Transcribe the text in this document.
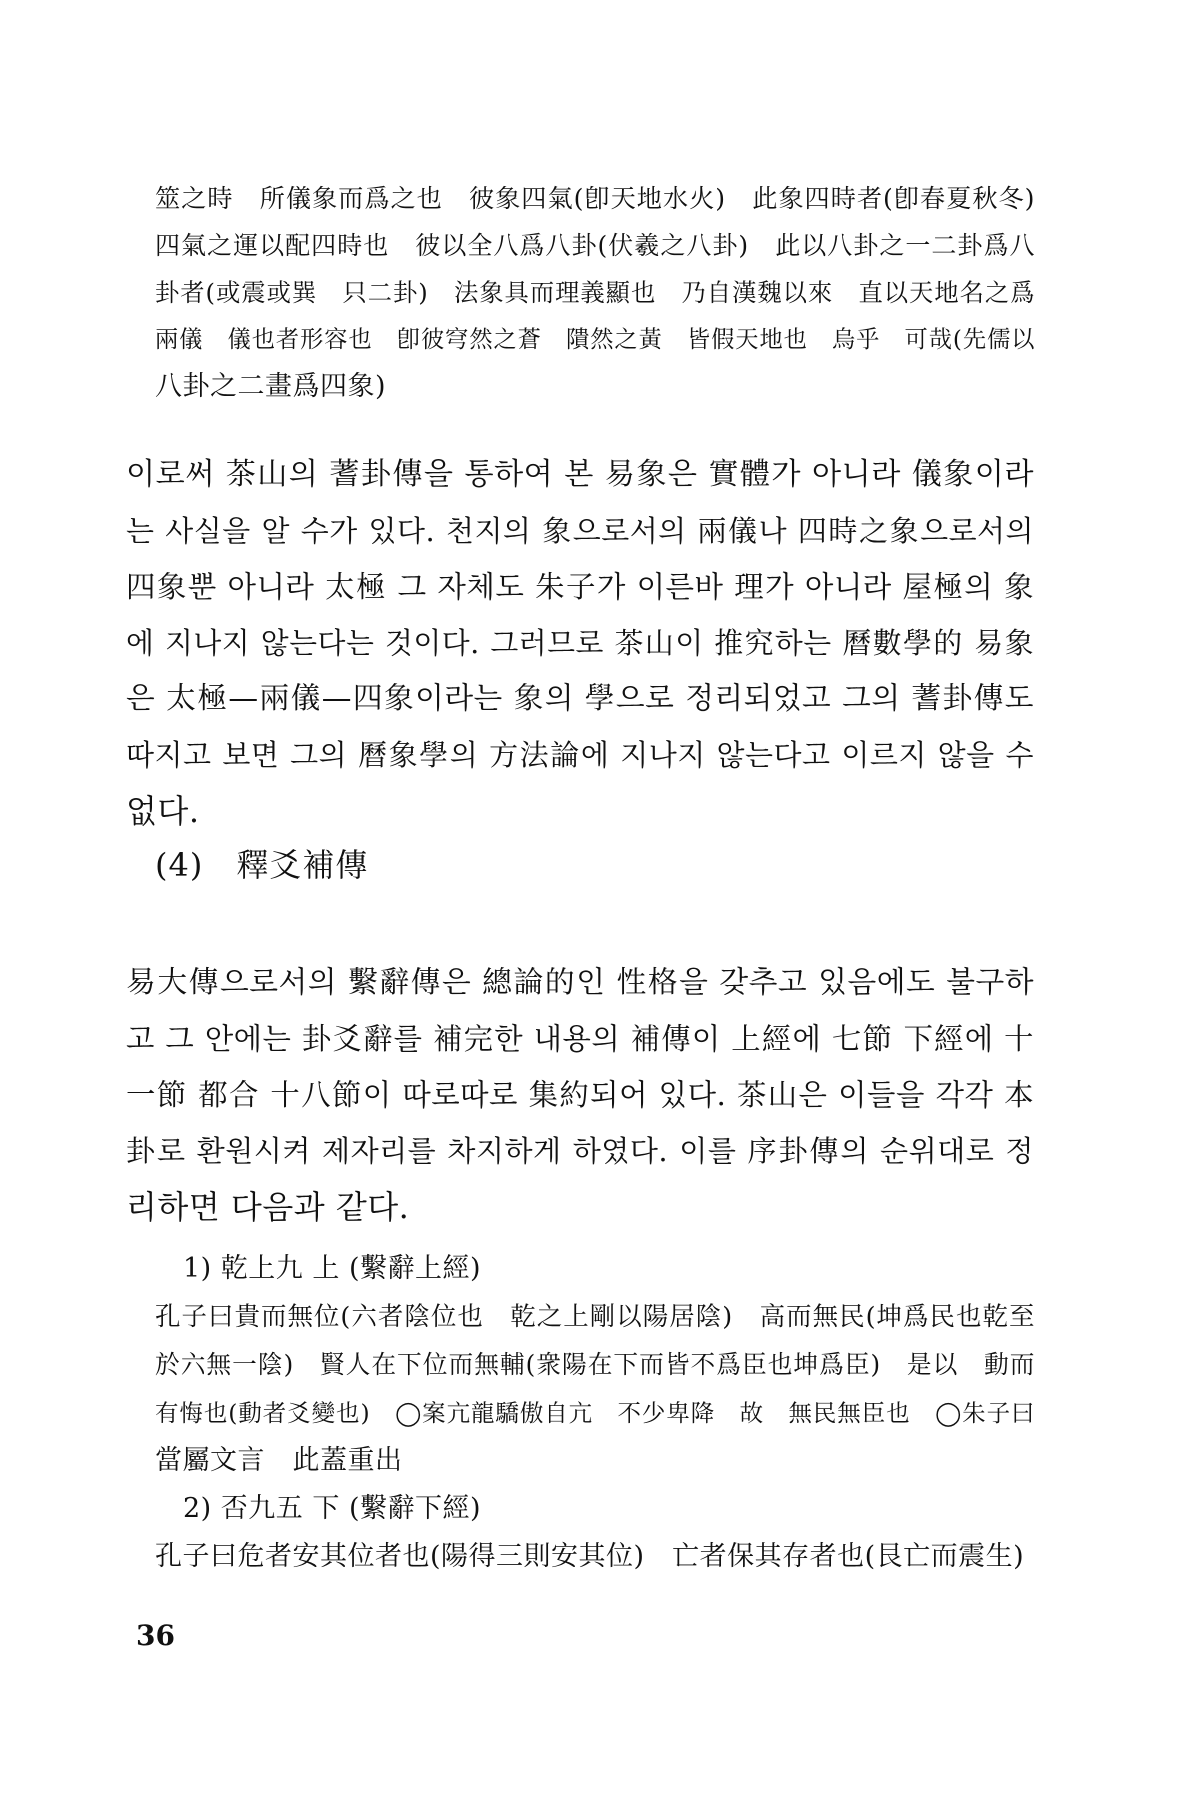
筮之時　所儀象而爲之也　彼象四氣(卽天地水火)　此象四時者(卽春夏秋冬)
四氣之運以配四時也　彼以全八爲八卦(伏羲之八卦)　此以八卦之一二卦爲八
卦者(或震或巽　只二卦)　法象具而理義顯也　乃自漢魏以來　直以天地名之爲
兩儀　儀也者形容也　卽彼穹然之蒼　隤然之黃　皆假天地也　烏乎　可哉(先儒以
八卦之二畫爲四象)
이로써 茶山의 蓍卦傳을 통하여 본 易象은 實體가 아니라 儀象이라
는 사실을 알 수가 있다. 천지의 象으로서의 兩儀나 四時之象으로서의
四象뿐 아니라 太極 그 자체도 朱子가 이른바 理가 아니라 屋極의 象
에 지나지 않는다는 것이다. 그러므로 茶山이 推究하는 曆數學的 易象
은 太極—兩儀—四象이라는 象의 學으로 정리되었고 그의 蓍卦傳도
따지고 보면 그의 曆象學의 方法論에 지나지 않는다고 이르지 않을 수
없다.
(4)　釋爻補傳
易大傳으로서의 繫辭傳은 總論的인 性格을 갖추고 있음에도 불구하
고 그 안에는 卦爻辭를 補完한 내용의 補傳이 上經에 七節 下經에 十
一節 都合 十八節이 따로따로 集約되어 있다. 茶山은 이들을 각각 本
卦로 환원시켜 제자리를 차지하게 하였다. 이를 序卦傳의 순위대로 정
리하면 다음과 같다.
1) 乾上九 上 (繫辭上經)
孔子曰貴而無位(六者陰位也　乾之上剛以陽居陰)　高而無民(坤爲民也乾至
於六無一陰)　賢人在下位而無輔(衆陽在下而皆不爲臣也坤爲臣)　是以　動而
有悔也(動者爻變也)　◯案亢龍驕傲自亢　不少卑降　故　無民無臣也　◯朱子曰
當屬文言　此蓋重出
2) 否九五 下 (繫辭下經)
孔子曰危者安其位者也(陽得三則安其位)　亡者保其存者也(艮亡而震生)
36
